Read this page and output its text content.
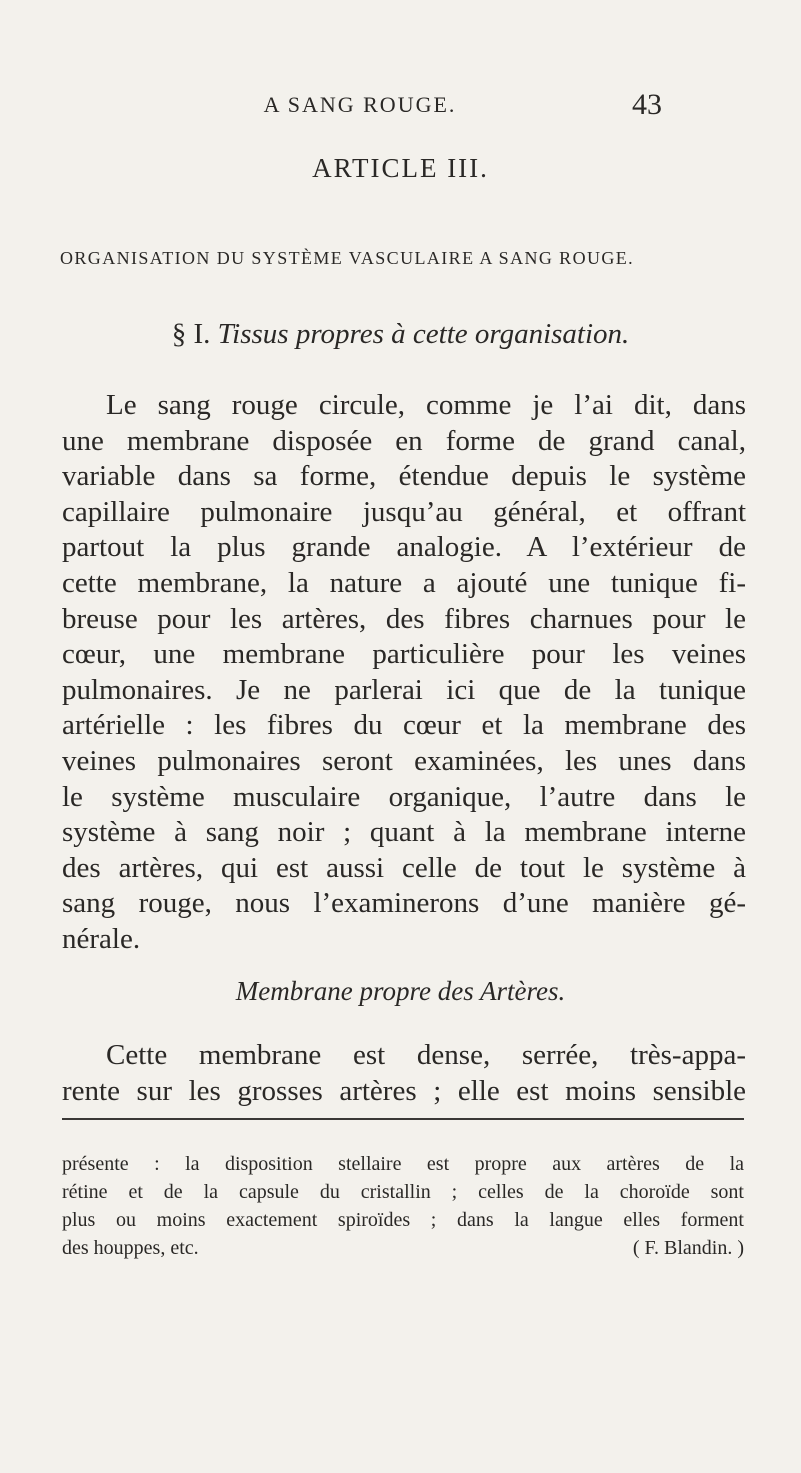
A SANG ROUGE.	43
ARTICLE III.
ORGANISATION DU SYSTÈME VASCULAIRE A SANG ROUGE.
§ I. Tissus propres à cette organisation.
Le sang rouge circule, comme je l’ai dit, dans
une membrane disposée en forme de grand canal,
variable dans sa forme, étendue depuis le système
capillaire pulmonaire jusqu’au général, et offrant
partout la plus grande analogie. A l’extérieur de
cette membrane, la nature a ajouté une tunique fi-
breuse pour les artères, des fibres charnues pour le
cœur, une membrane particulière pour les veines
pulmonaires. Je ne parlerai ici que de la tunique
artérielle : les fibres du cœur et la membrane des
veines pulmonaires seront examinées, les unes dans
le système musculaire organique, l’autre dans le
système à sang noir ; quant à la membrane interne
des artères, qui est aussi celle de tout le système à
sang rouge, nous l’examinerons d’une manière gé-
nérale.
Membrane propre des Artères.
Cette membrane est dense, serrée, très-appa-
rente sur les grosses artères ; elle est moins sensible
présente : la disposition stellaire est propre aux artères de la
rétine et de la capsule du cristallin ; celles de la choroïde sont
plus ou moins exactement spiroïdes ; dans la langue elles forment
des houppes, etc.	( F. Blandin. )
